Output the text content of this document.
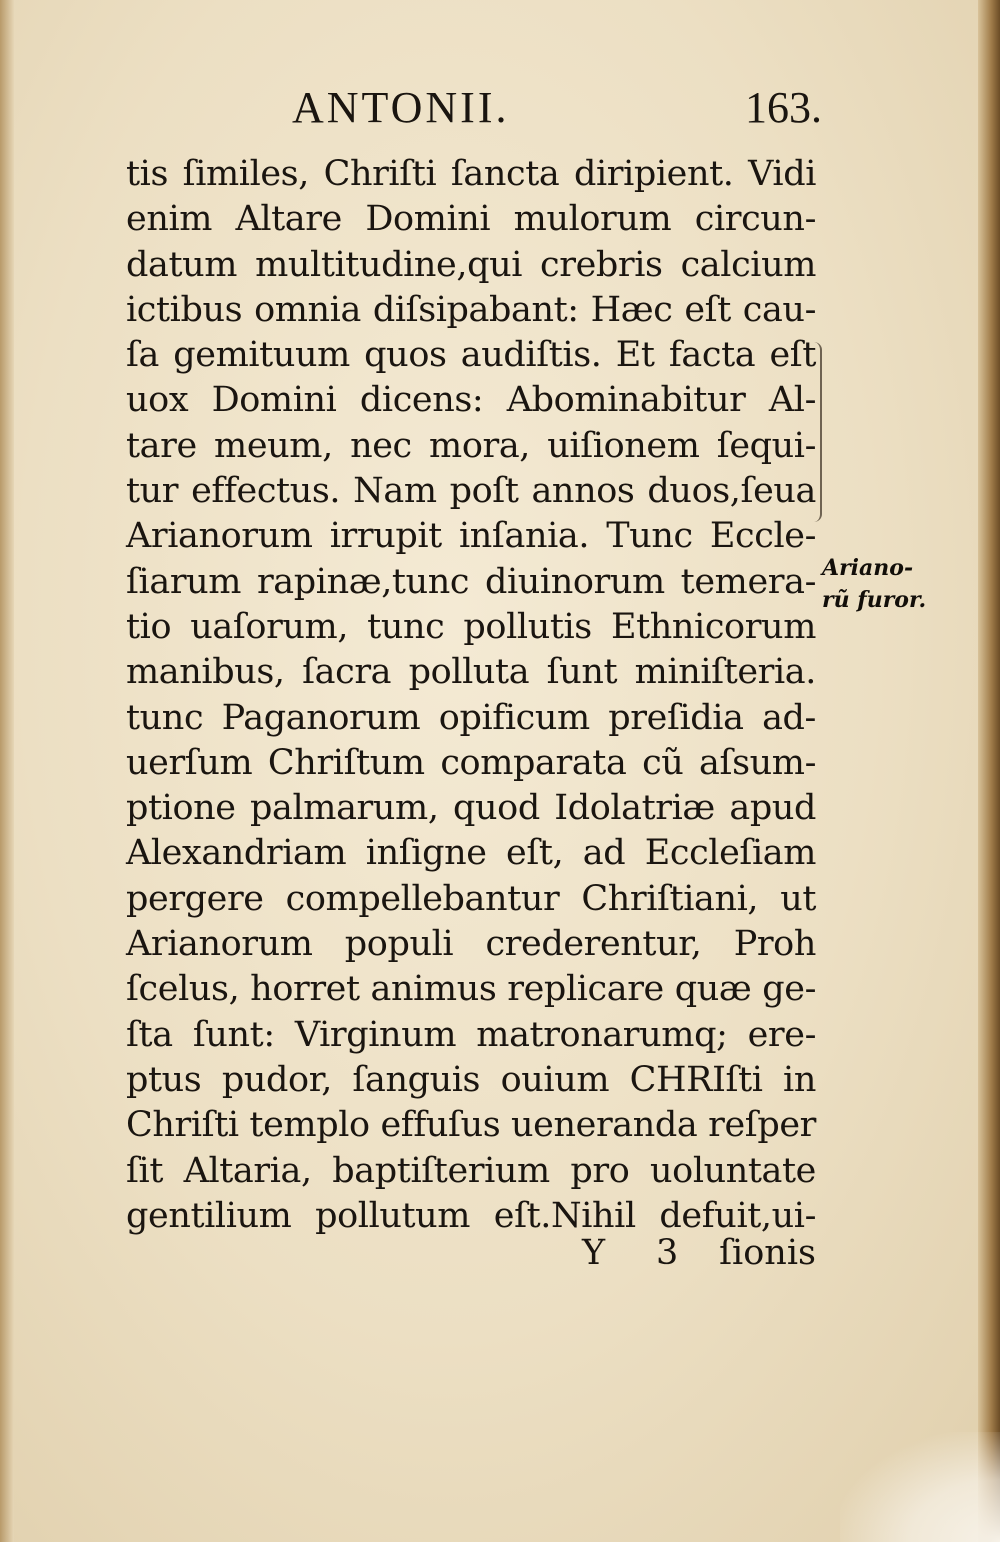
ANTONII.	163.
tis ſimiles, Chriſti ſancta diripient. Vidi
enim Altare Domini mulorum circun-
datum multitudine,qui crebris calcium
ictibus omnia diſsipabant: Hæc eſt cau-
ſa gemituum quos audiſtis. Et facta eſt
uox Domini dicens: Abominabitur Al-
tare meum, nec mora, uiſionem ſequi-
tur effectus. Nam poſt annos duos,ſeua
Arianorum irrupit inſania. Tunc Eccle-
ſiarum rapinæ,tunc diuinorum temera-
tio uaſorum, tunc pollutis Ethnicorum
manibus, ſacra polluta ſunt miniſteria.
tunc Paganorum opificum preſidia ad-
uerſum Chriſtum comparata cũ aſsum-
ptione palmarum, quod Idolatriæ apud
Alexandriam inſigne eſt, ad Eccleſiam
pergere compellebantur Chriſtiani, ut
Arianorum populi crederentur, Proh
ſcelus, horret animus replicare quæ ge-
ſta ſunt: Virginum matronarumq; ere-
ptus pudor, ſanguis ouium CHRIſti in
Chriſti templo effuſus ueneranda reſper
ſit Altaria, baptiſterium pro uoluntate
gentilium pollutum eſt.Nihil defuit,ui-
Ariano-
rũ furor.
Y 3 ſionis
